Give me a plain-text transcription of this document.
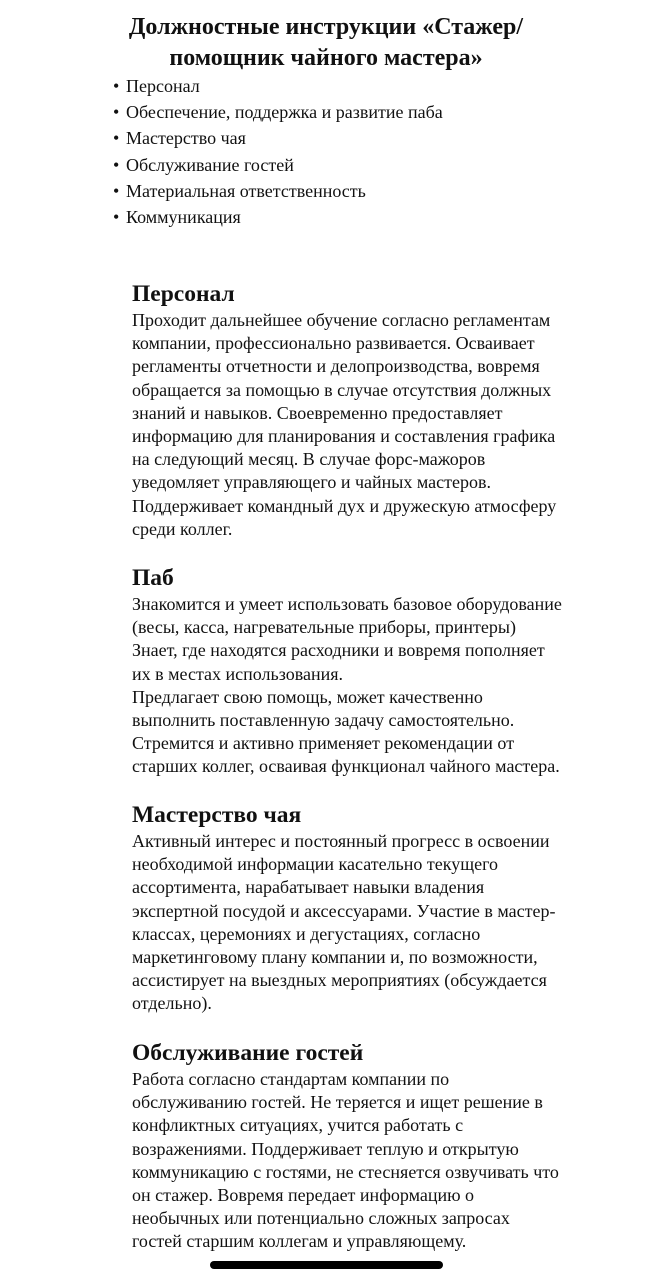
Должностные инструкции «Стажер/
помощник чайного мастера»
• Персонал
• Обеспечение, поддержка и развитие паба
• Мастерство чая
• Обслуживание гостей
• Материальная ответственность
• Коммуникация
Персонал

Проходит дальнейшее обучение согласно регламентам
компании, профессионально развивается. Осваивает
регламенты отчетности и делопроизводства, вовремя
обращается за помощью в случае отсутствия должных
знаний и навыков. Своевременно предоставляет
информацию для планирования и составления графика
на следующий месяц. В случае форс-мажоров
уведомляет управляющего и чайных мастеров.
Поддерживает командный дух и дружескую атмосферу
среди коллег.

Паб

Знакомится и умеет использовать базовое оборудование
(весы, касса, нагревательные приборы, принтеры)
Знает, где находятся расходники и вовремя пополняет
их в местах использования.
Предлагает свою помощь, может качественно
выполнить поставленную задачу самостоятельно.
Стремится и активно применяет рекомендации от
старших коллег, осваивая функционал чайного мастера.

Мастерство чая

Активный интерес и постоянный прогресс в освоении
необходимой информации касательно текущего
ассортимента, нарабатывает навыки владения
экспертной посудой и аксессуарами. Участие в мастер-
классах, церемониях и дегустациях, согласно
маркетинговому плану компании и, по возможности,
ассистирует на выездных мероприятиях (обсуждается
отдельно).

Обслуживание гостей

Работа согласно стандартам компании по
обслуживанию гостей. Не теряется и ищет решение в
конфликтных ситуациях, учится работать с
возражениями. Поддерживает теплую и открытую
коммуникацию с гостями, не стесняется озвучивать что
он стажер. Вовремя передает информацию о
необычных или потенциально сложных запросах
гостей старшим коллегам и управляющему.
